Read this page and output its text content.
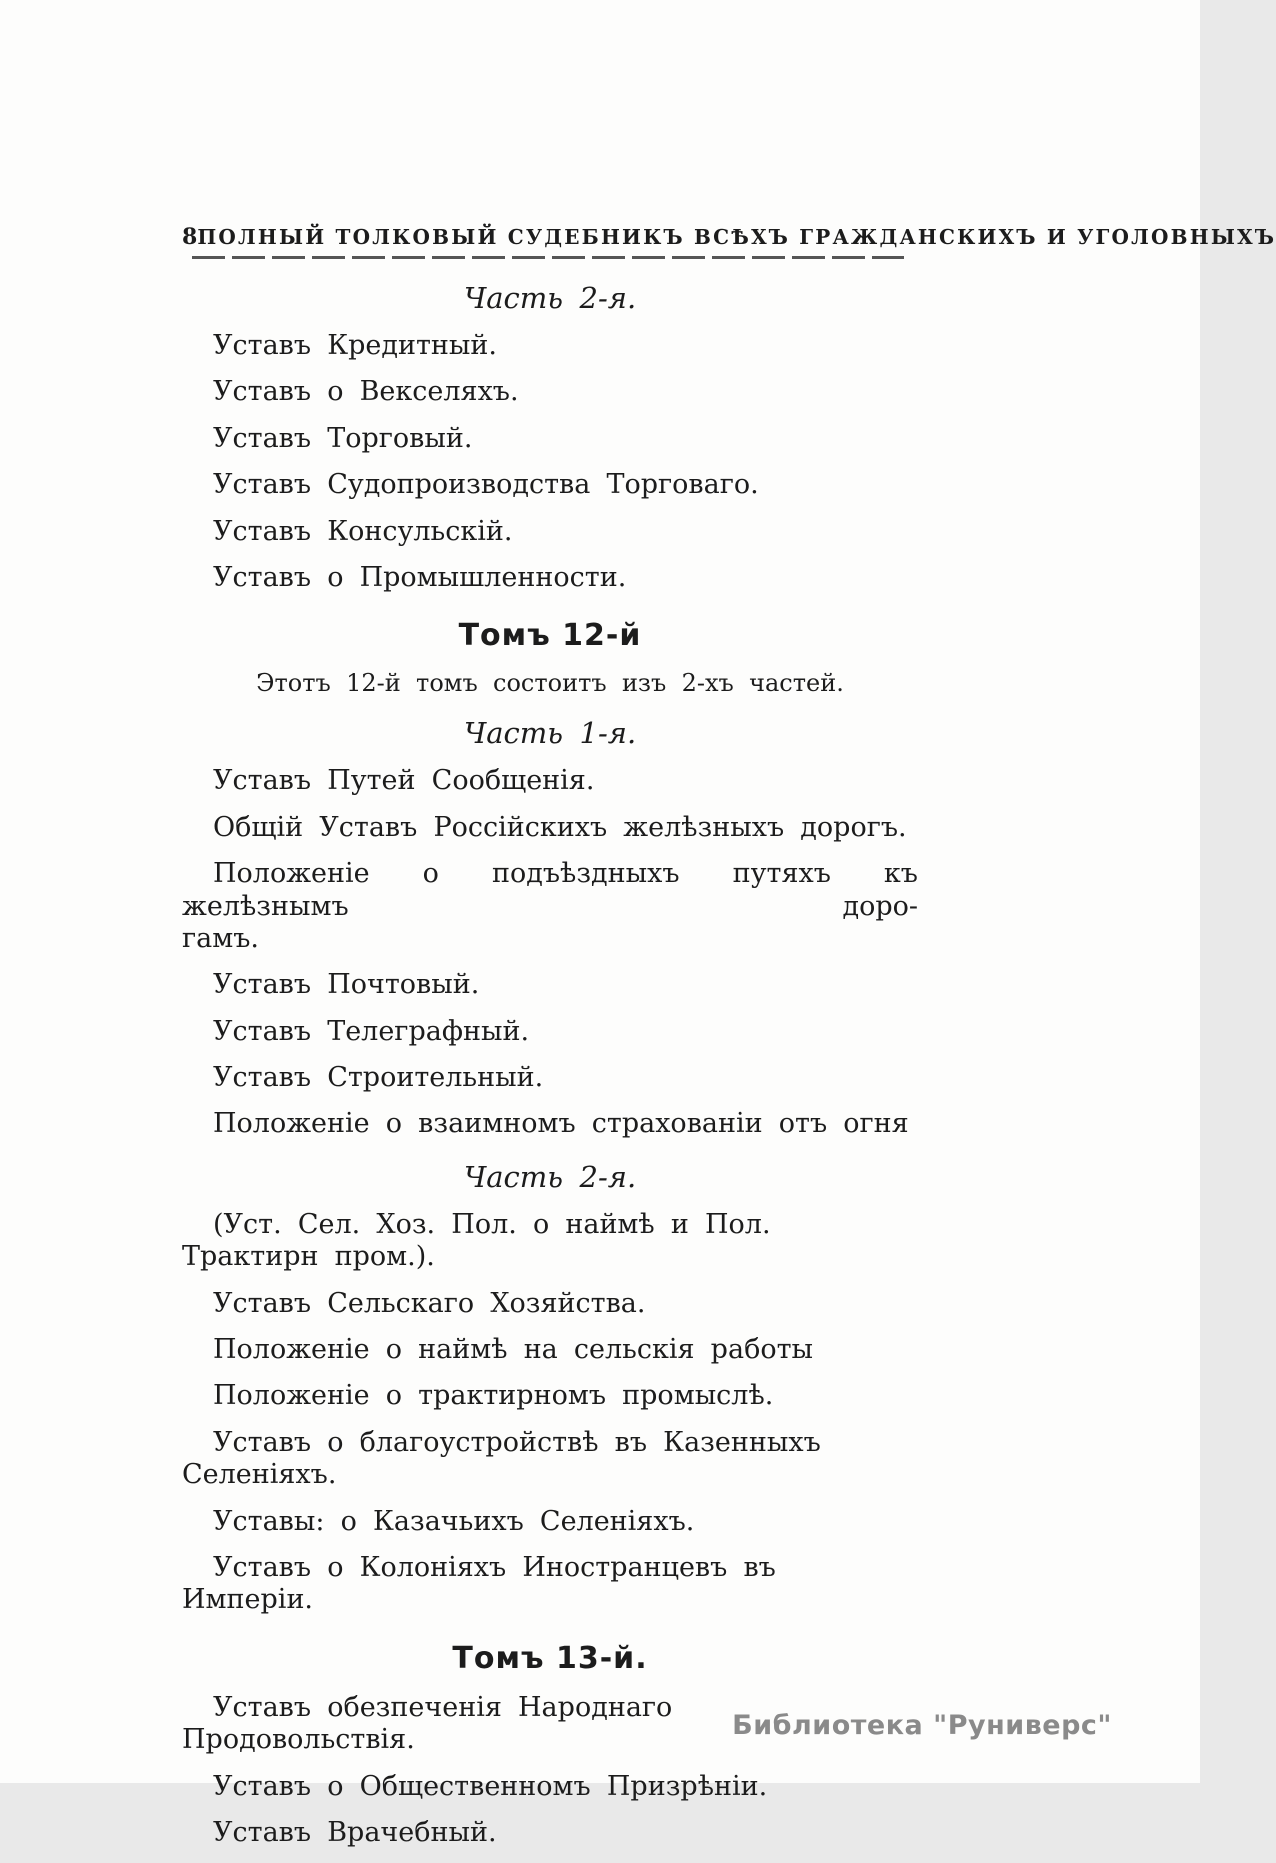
8 ПОЛНЫЙ ТОЛКОВЫЙ СУДЕБНИКЪ ВСѢХЪ ГРАЖДАНСКИХЪ И УГОЛОВНЫХЪ
Часть 2-я.
Уставъ Кредитный.
Уставъ о Векселяхъ.
Уставъ Торговый.
Уставъ Судопроизводства Торговаго.
Уставъ Консульскій.
Уставъ о Промышленности.
Томъ 12-й
Этотъ 12-й томъ состоитъ изъ 2-хъ частей.
Часть 1-я.
Уставъ Путей Сообщенія.
Общій Уставъ Россійскихъ желѣзныхъ дорогъ.
Положеніе о подъѣздныхъ путяхъ къ желѣзнымъ доро-
гамъ.
Уставъ Почтовый.
Уставъ Телеграфный.
Уставъ Строительный.
Положеніе о взаимномъ страхованіи отъ огня
Часть 2-я.
(Уст. Сел. Хоз. Пол. о наймѣ и Пол. Трактирн пром.).
Уставъ Сельскаго Хозяйства.
Положеніе о наймѣ на сельскія работы
Положеніе о трактирномъ промыслѣ.
Уставъ о благоустройствѣ въ Казенныхъ Селеніяхъ.
Уставы: о Казачьихъ Селеніяхъ.
Уставъ о Колоніяхъ Иностранцевъ въ Имперіи.
Томъ 13-й.
Уставъ обезпеченія Народнаго Продовольствія.
Уставъ о Общественномъ Призрѣніи.
Уставъ Врачебный.
Библиотека "Руниверс"
